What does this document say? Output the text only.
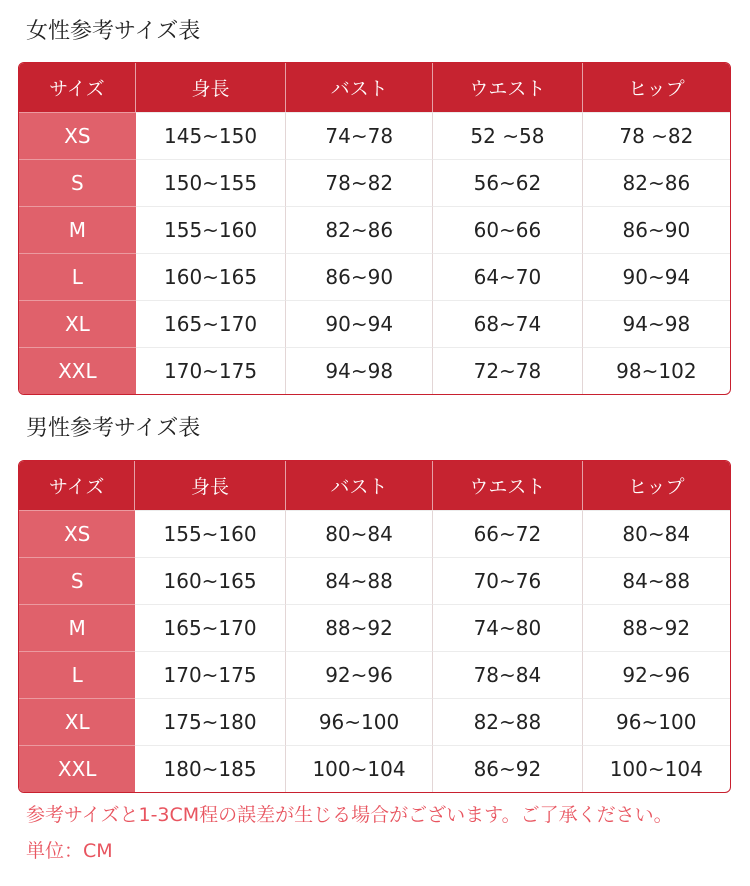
女性参考サイズ表
サイズ	身長	バスト	ウエスト	ヒップ
XS	145~150	74~78	52 ~58	78 ~82
S	150~155	78~82	56~62	82~86
M	155~160	82~86	60~66	86~90
L	160~165	86~90	64~70	90~94
XL	165~170	90~94	68~74	94~98
XXL	170~175	94~98	72~78	98~102
男性参考サイズ表
サイズ	身長	バスト	ウエスト	ヒップ
XS	155~160	80~84	66~72	80~84
S	160~165	84~88	70~76	84~88
M	165~170	88~92	74~80	88~92
L	170~175	92~96	78~84	92~96
XL	175~180	96~100	82~88	96~100
XXL	180~185	100~104	86~92	100~104
参考サイズと1-3CM程の誤差が生じる場合がございます。ご了承ください。
単位：CM
